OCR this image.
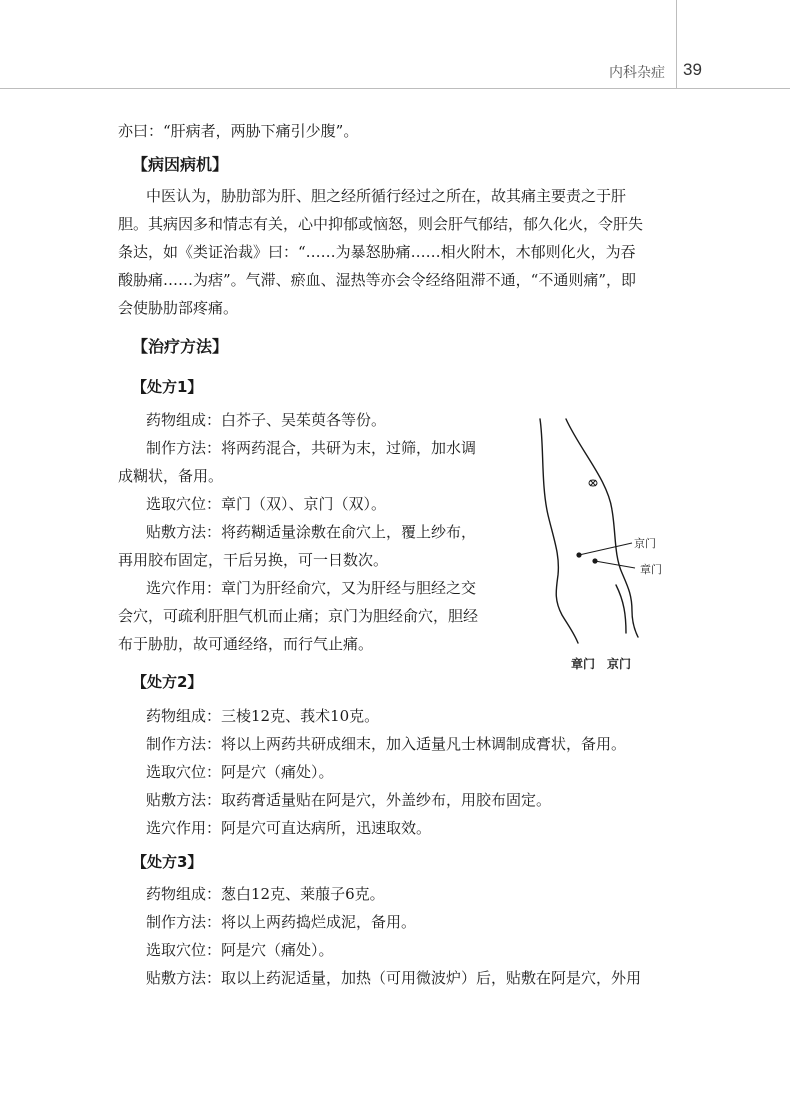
内科杂症 39
亦曰：“肝病者，两胁下痛引少腹”。
【病因病机】
中医认为，胁肋部为肝、胆之经所循行经过之所在，故其痛主要责之于肝
胆。其病因多和情志有关，心中抑郁或恼怒，则会肝气郁结，郁久化火，令肝失
条达，如《类证治裁》曰：“……为暴怒胁痛……相火附木，木郁则化火，为吞
酸胁痛……为痞”。气滞、瘀血、湿热等亦会令经络阻滞不通，“不通则痛”，即
会使胁肋部疼痛。
【治疗方法】
【处方1】
药物组成：白芥子、吴茱萸各等份。
制作方法：将两药混合，共研为末，过筛，加水调
成糊状，备用。
选取穴位：章门（双）、京门（双）。
贴敷方法：将药糊适量涂敷在俞穴上，覆上纱布，
再用胶布固定，干后另换，可一日数次。
选穴作用：章门为肝经俞穴，又为肝经与胆经之交
会穴，可疏利肝胆气机而止痛；京门为胆经俞穴，胆经
布于胁肋，故可通经络，而行气止痛。
京门
章门
章门　京门
【处方2】
药物组成：三棱12克、莪术10克。
制作方法：将以上两药共研成细末，加入适量凡士林调制成膏状，备用。
选取穴位：阿是穴（痛处）。
贴敷方法：取药膏适量贴在阿是穴，外盖纱布，用胶布固定。
选穴作用：阿是穴可直达病所，迅速取效。
【处方3】
药物组成：葱白12克、莱菔子6克。
制作方法：将以上两药捣烂成泥，备用。
选取穴位：阿是穴（痛处）。
贴敷方法：取以上药泥适量，加热（可用微波炉）后，贴敷在阿是穴，外用
